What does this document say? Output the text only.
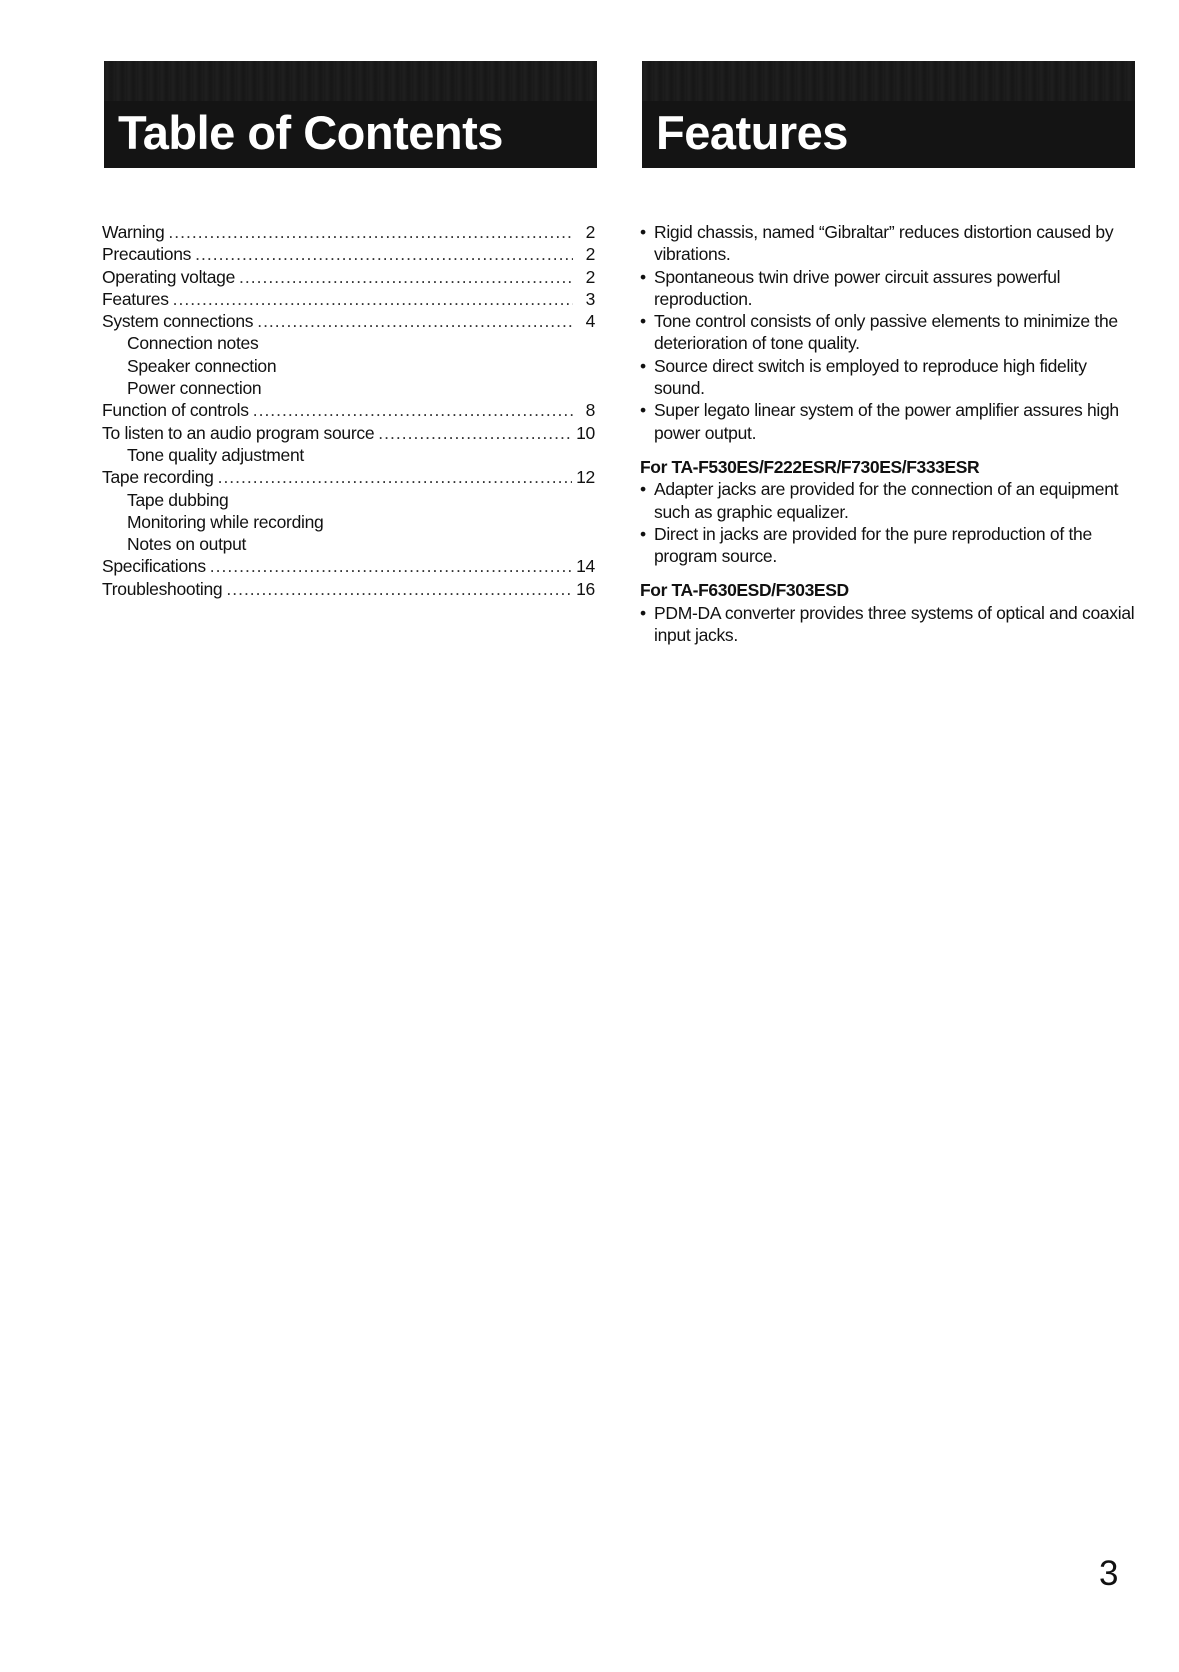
Table of Contents	Features
Warning .....	2
Precautions .....	2
Operating voltage .....	2
Features .....	3
System connections .....	4
Connection notes
Speaker connection
Power connection
Function of controls .....	8
To listen to an audio program source .....	10
Tone quality adjustment
Tape recording .....	12
Tape dubbing
Monitoring while recording
Notes on output
Specifications .....	14
Troubleshooting .....	16
• Rigid chassis, named “Gibraltar” reduces distortion caused by vibrations.
• Spontaneous twin drive power circuit assures powerful reproduction.
• Tone control consists of only passive elements to minimize the deterioration of tone quality.
• Source direct switch is employed to reproduce high fidelity sound.
• Super legato linear system of the power amplifier assures high power output.
For TA-F530ES/F222ESR/F730ES/F333ESR
• Adapter jacks are provided for the connection of an equipment such as graphic equalizer.
• Direct in jacks are provided for the pure reproduction of the program source.
For TA-F630ESD/F303ESD
• PDM-DA converter provides three systems of optical and coaxial input jacks.
3
